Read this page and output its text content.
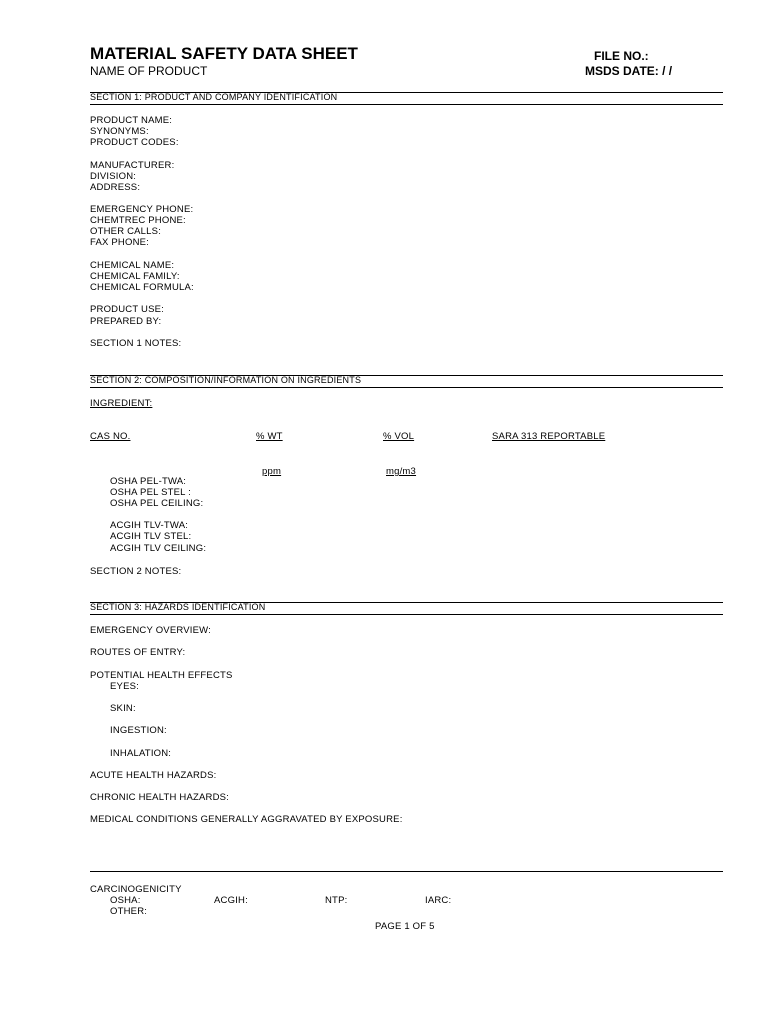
MATERIAL SAFETY DATA SHEET
NAME OF PRODUCT
FILE NO.:
MSDS DATE: / /
SECTION 1: PRODUCT AND COMPANY IDENTIFICATION
PRODUCT NAME:
SYNONYMS:
PRODUCT CODES:
MANUFACTURER:
DIVISION:
ADDRESS:
EMERGENCY PHONE:
CHEMTREC PHONE:
OTHER CALLS:
FAX PHONE:
CHEMICAL NAME:
CHEMICAL FAMILY:
CHEMICAL FORMULA:
PRODUCT USE:
PREPARED BY:
SECTION 1 NOTES:
SECTION 2: COMPOSITION/INFORMATION ON INGREDIENTS
INGREDIENT:
CAS NO.	% WT	% VOL	SARA 313 REPORTABLE
ppm	mg/m3
OSHA PEL-TWA:
OSHA PEL STEL :
OSHA PEL CEILING:
ACGIH TLV-TWA:
ACGIH TLV STEL:
ACGIH TLV CEILING:
SECTION 2 NOTES:
SECTION 3: HAZARDS IDENTIFICATION
EMERGENCY OVERVIEW:
ROUTES OF ENTRY:
POTENTIAL HEALTH EFFECTS
EYES:
SKIN:
INGESTION:
INHALATION:
ACUTE HEALTH HAZARDS:
CHRONIC HEALTH HAZARDS:
MEDICAL CONDITIONS GENERALLY AGGRAVATED BY EXPOSURE:
CARCINOGENICITY
OSHA:	ACGIH:	NTP:	IARC:
OTHER:
PAGE 1 OF 5
